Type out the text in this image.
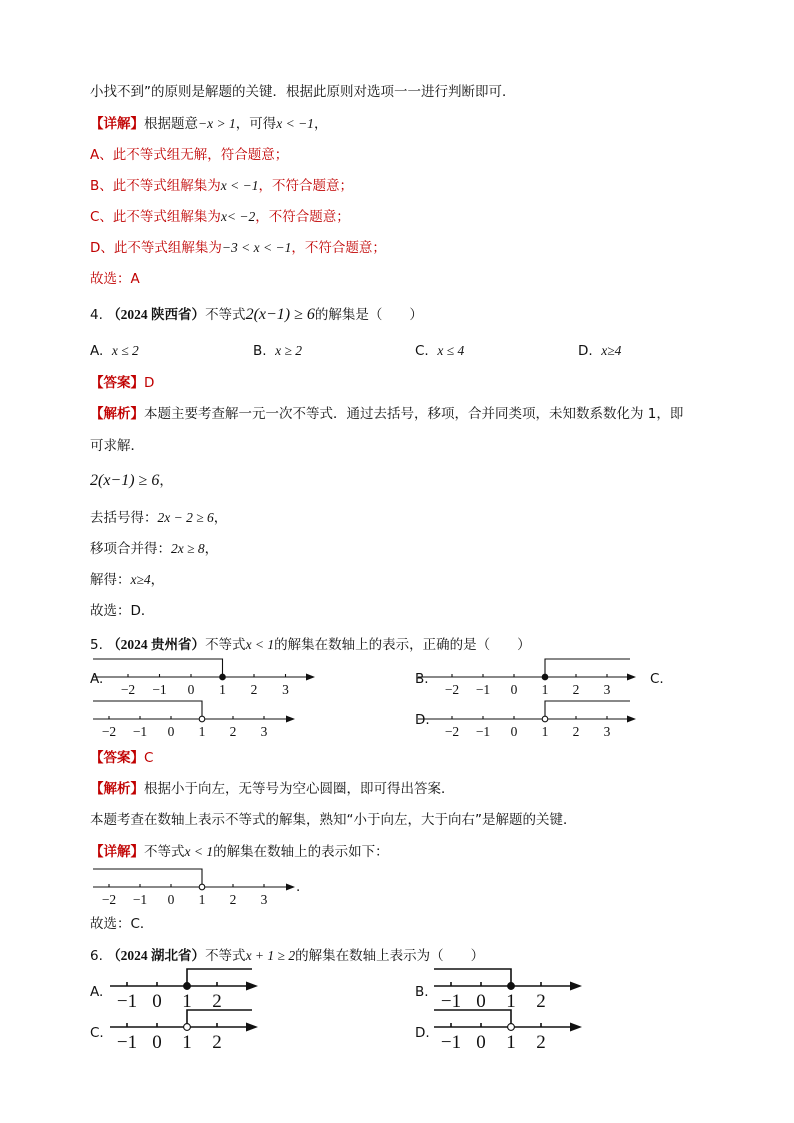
小找不到”的原则是解题的关键．根据此原则对选项一一进行判断即可．
【详解】根据题意−x > 1，可得x < −1，
A、此不等式组无解，符合题意；
B、此不等式组解集为x < −1，不符合题意；
C、此不等式组解集为x< −2，不符合题意；
D、此不等式组解集为−3 < x < −1，不符合题意；
故选：A
4. （2024 陕西省）不等式2(x−1) ≥ 6的解集是（　　）
A. x ≤ 2	B. x ≥ 2	C. x ≤ 4	D. x≥4
【答案】D
【解析】本题主要考查解一元一次不等式．通过去括号，移项，合并同类项，未知数系数化为 1，即
可求解．
2(x−1) ≥ 6，
去括号得：2x − 2 ≥ 6，
移项合并得：2x ≥ 8，
解得：x≥4，
故选：D．
5. （2024 贵州省）不等式x < 1的解集在数轴上的表示，正确的是（　　）
A.	B.	C.
D.
−2 −1 0 1 2 3	−2 −1 0 1 2 3
−2 −1 0 1 2 3	−2 −1 0 1 2 3
【答案】C
【解析】根据小于向左，无等号为空心圆圈，即可得出答案．
本题考查在数轴上表示不等式的解集，熟知“小于向左，大于向右”是解题的关键．
【详解】不等式x < 1的解集在数轴上的表示如下：
−2 −1 0 1 2 3
.
故选：C．
6. （2024 湖北省）不等式x + 1 ≥ 2的解集在数轴上表示为（　　）
A.	B.
C.	D.
−1 0 1 2	−1 0 1 2
−1 0 1 2	−1 0 1 2
